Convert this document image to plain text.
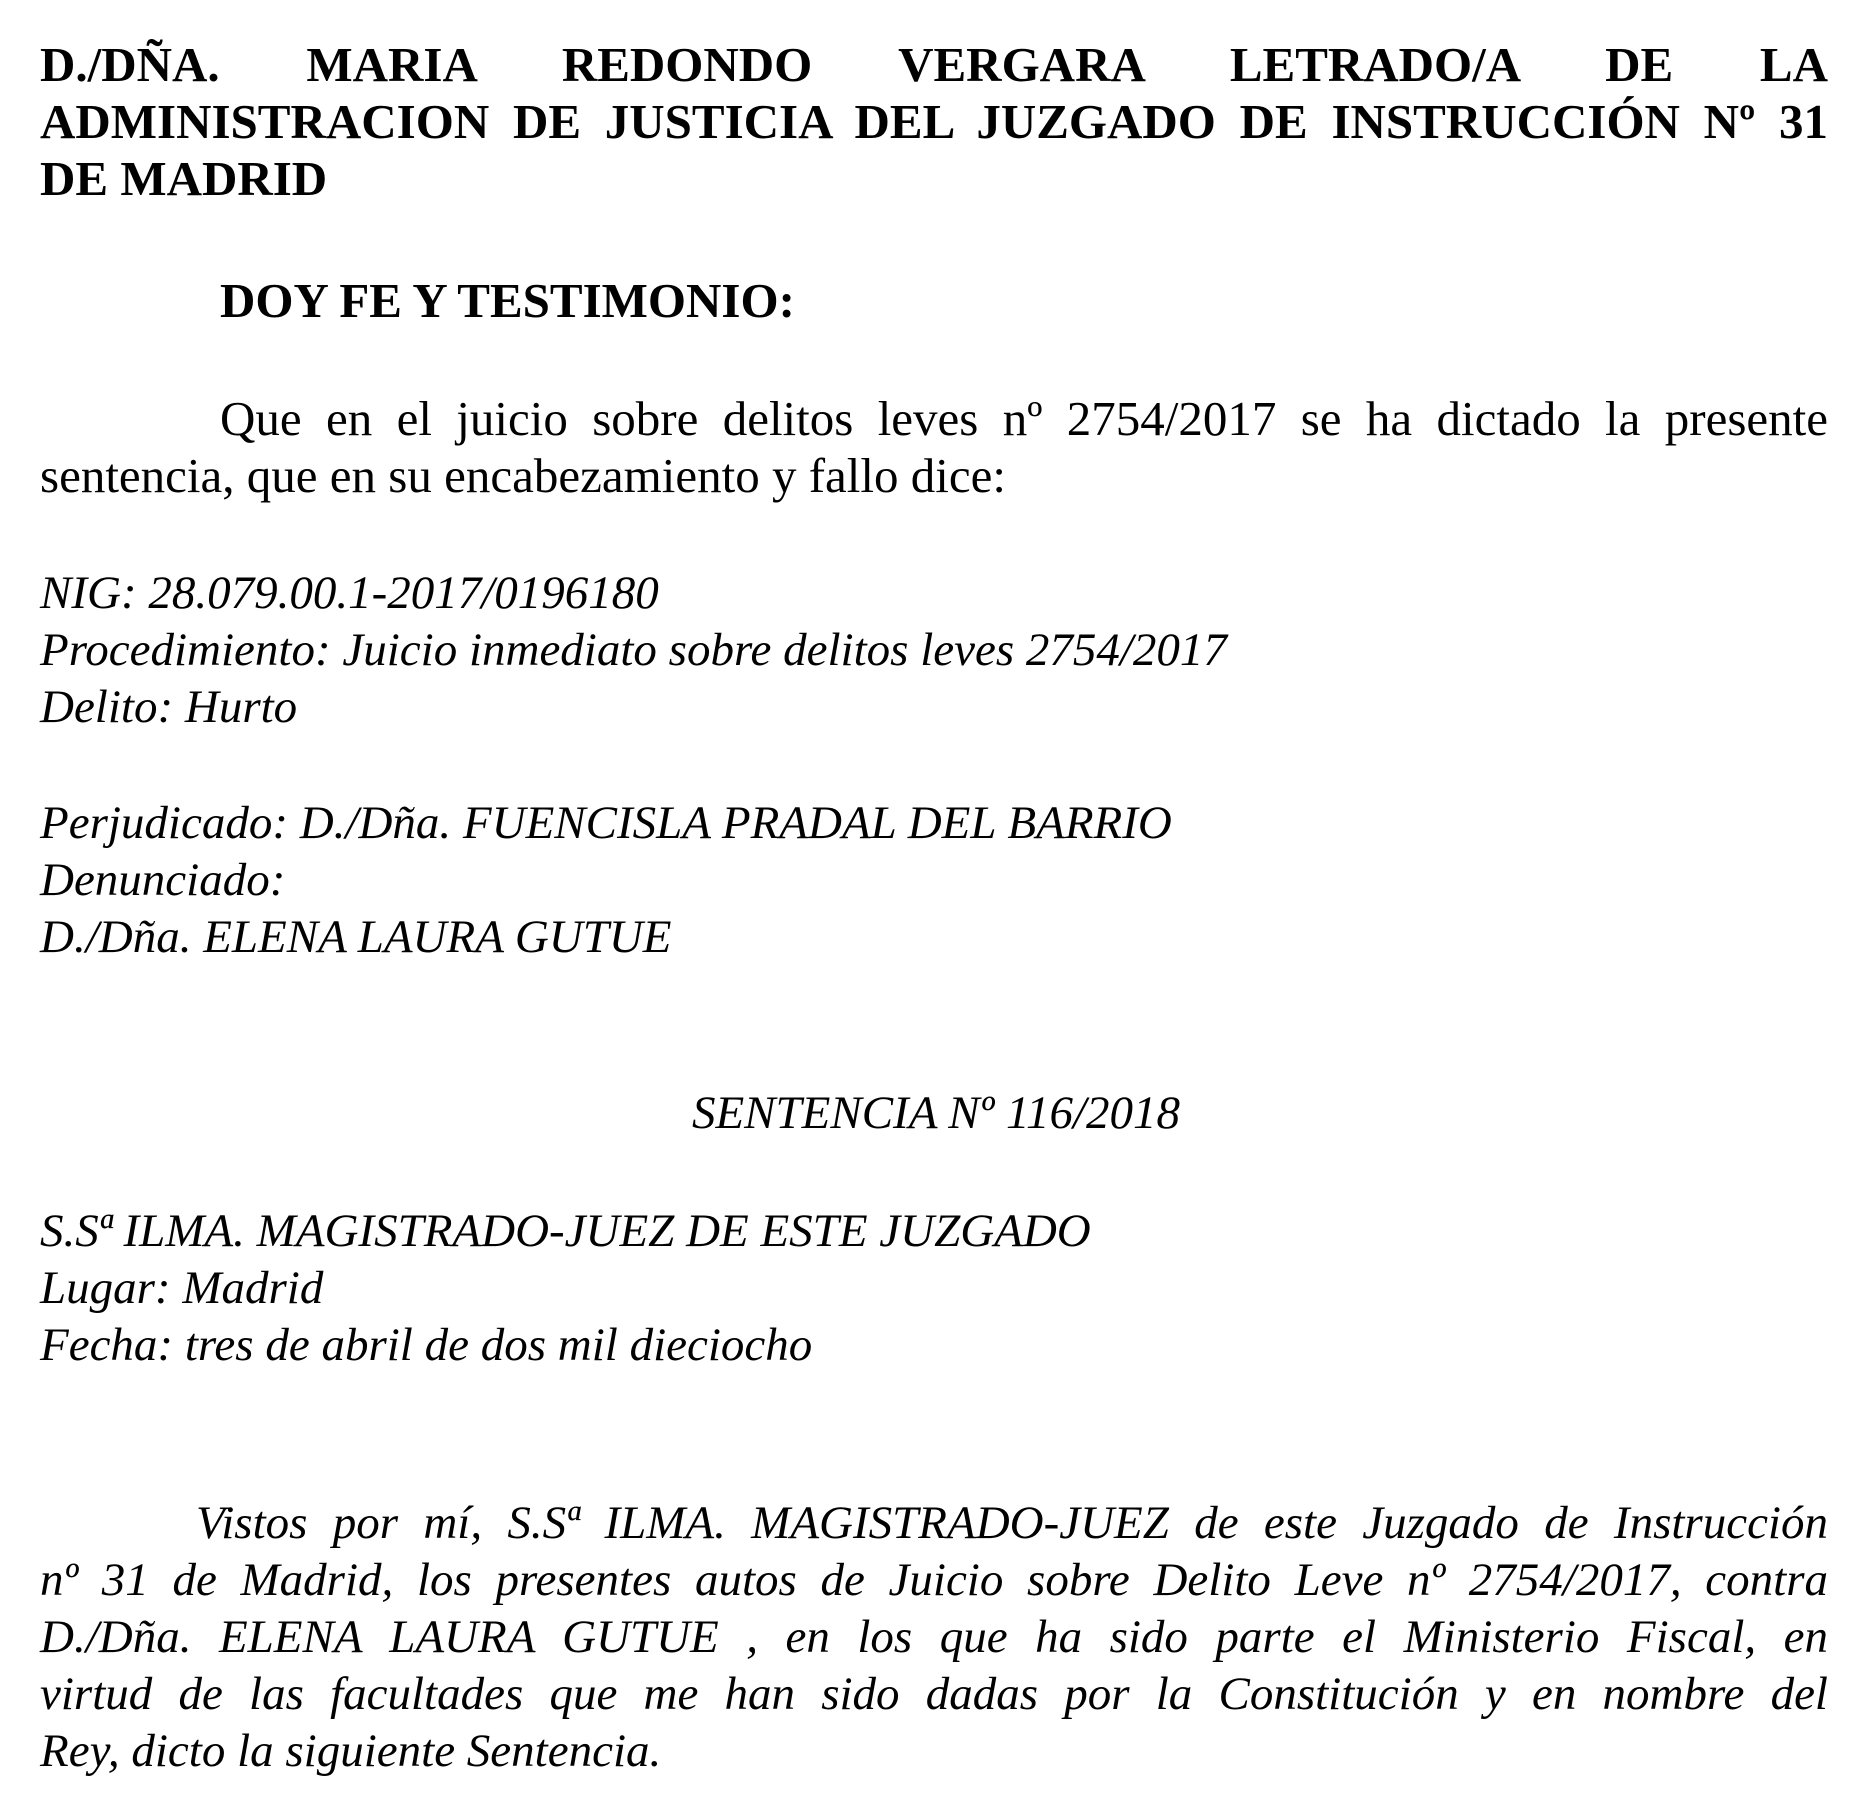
D./DÑA. MARIA REDONDO VERGARA LETRADO/A DE LA
ADMINISTRACION DE JUSTICIA DEL JUZGADO DE INSTRUCCIÓN Nº 31
DE MADRID
DOY FE Y TESTIMONIO:
Que en el juicio sobre delitos leves nº 2754/2017 se ha dictado la presente
sentencia, que en su encabezamiento y fallo dice:
NIG: 28.079.00.1-2017/0196180
Procedimiento: Juicio inmediato sobre delitos leves 2754/2017
Delito: Hurto
Perjudicado: D./Dña. FUENCISLA PRADAL DEL BARRIO
Denunciado:
D./Dña. ELENA LAURA GUTUE
SENTENCIA Nº 116/2018
S.Sª ILMA. MAGISTRADO-JUEZ DE ESTE JUZGADO
Lugar: Madrid
Fecha: tres de abril de dos mil dieciocho
Vistos por mí, S.Sª ILMA. MAGISTRADO-JUEZ de este Juzgado de Instrucción
nº 31 de Madrid, los presentes autos de Juicio sobre Delito Leve nº 2754/2017, contra
D./Dña. ELENA LAURA GUTUE , en los que ha sido parte el Ministerio Fiscal, en
virtud de las facultades que me han sido dadas por la Constitución y en nombre del
Rey, dicto la siguiente Sentencia.
